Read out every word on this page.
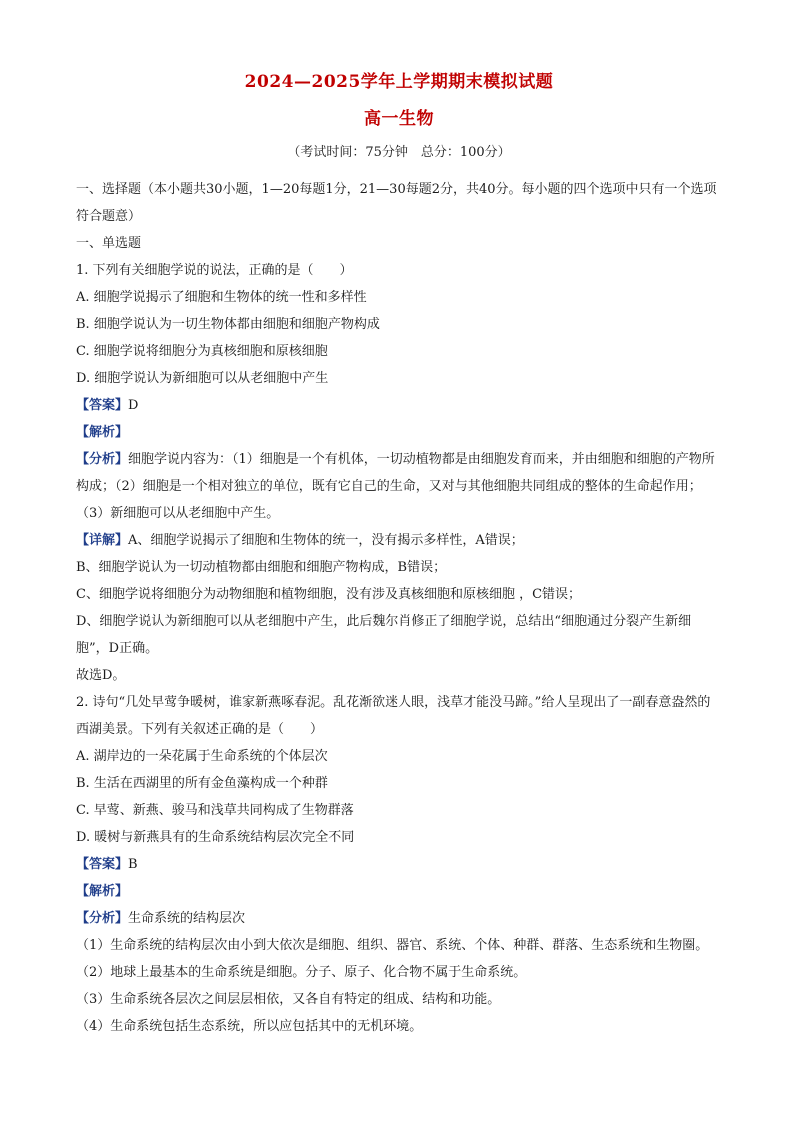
2024—2025学年上学期期末模拟试题

高一生物

（考试时间：75分钟　总分：100分）

一、选择题（本小题共30小题，1—20每题1分，21—30每题2分，共40分。每小题的四个选项中只有一个选项符合题意）

一、单选题

1. 下列有关细胞学说的说法，正确的是（　　）

A. 细胞学说揭示了细胞和生物体的统一性和多样性

B. 细胞学说认为一切生物体都由细胞和细胞产物构成

C. 细胞学说将细胞分为真核细胞和原核细胞

D. 细胞学说认为新细胞可以从老细胞中产生

【答案】D

【解析】

【分析】细胞学说内容为：（1）细胞是一个有机体，一切动植物都是由细胞发育而来，并由细胞和细胞的产物所构成；（2）细胞是一个相对独立的单位，既有它自己的生命，又对与其他细胞共同组成的整体的生命起作用；（3）新细胞可以从老细胞中产生。

【详解】A、细胞学说揭示了细胞和生物体的统一，没有揭示多样性，A错误；

B、细胞学说认为一切动植物都由细胞和细胞产物构成，B错误；

C、细胞学说将细胞分为动物细胞和植物细胞，没有涉及真核细胞和原核细胞 ，C错误；

D、细胞学说认为新细胞可以从老细胞中产生，此后魏尔肖修正了细胞学说，总结出“细胞通过分裂产生新细胞”，D正确。

故选D。

2. 诗句“几处早莺争暖树，谁家新燕啄春泥。乱花渐欲迷人眼，浅草才能没马蹄。”给人呈现出了一副春意盎然的西湖美景。下列有关叙述正确的是（　　）

A. 湖岸边的一朵花属于生命系统的个体层次

B. 生活在西湖里的所有金鱼藻构成一个种群

C. 早莺、新燕、骏马和浅草共同构成了生物群落

D. 暖树与新燕具有的生命系统结构层次完全不同

【答案】B

【解析】

【分析】生命系统的结构层次

（1）生命系统的结构层次由小到大依次是细胞、组织、器官、系统、个体、种群、群落、生态系统和生物圈。

（2）地球上最基本的生命系统是细胞。分子、原子、化合物不属于生命系统。

（3）生命系统各层次之间层层相依，又各自有特定的组成、结构和功能。

（4）生命系统包括生态系统，所以应包括其中的无机环境。
